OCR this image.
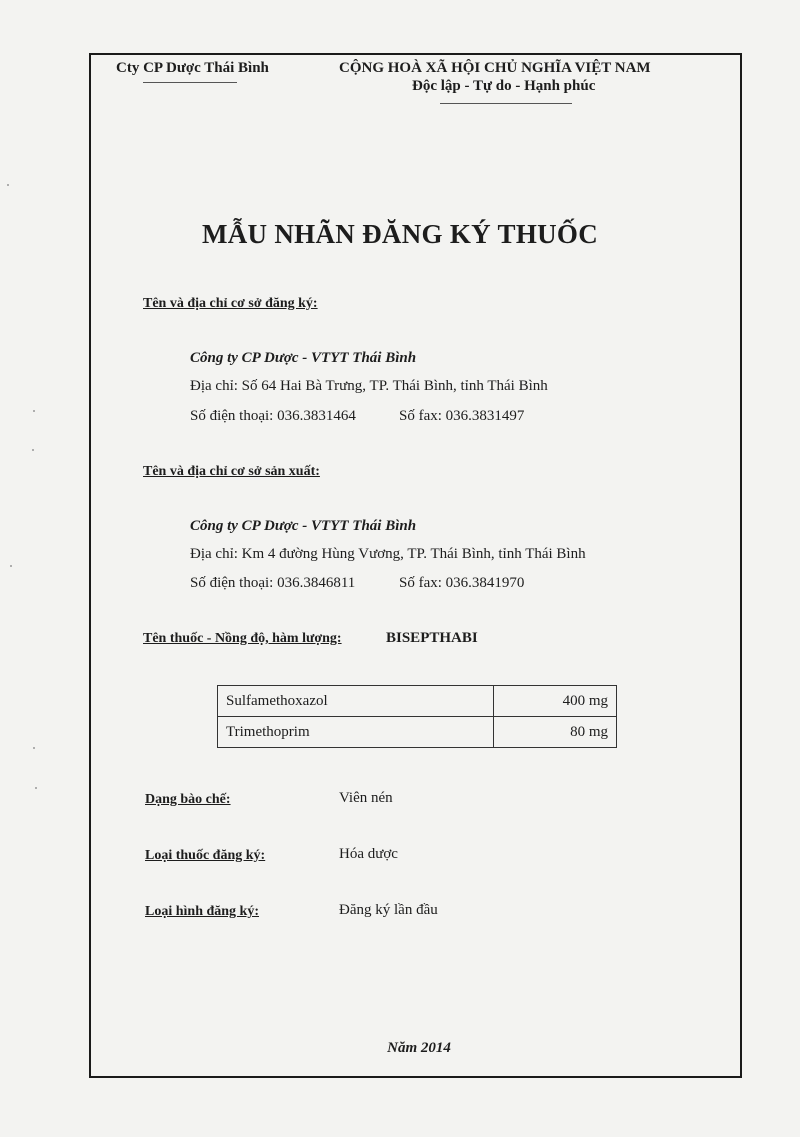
Cty CP Dược Thái Bình	CỘNG HOÀ XÃ HỘI CHỦ NGHĨA VIỆT NAM
Độc lập - Tự do - Hạnh phúc
MẪU NHÃN ĐĂNG KÝ THUỐC
Tên và địa chỉ cơ sở đăng ký:
Công ty CP Dược - VTYT Thái Bình
Địa chỉ: Số 64 Hai Bà Trưng, TP. Thái Bình, tỉnh Thái Bình
Số điện thoại: 036.3831464	Số fax: 036.3831497
Tên và địa chỉ cơ sở sản xuất:
Công ty CP Dược - VTYT Thái Bình
Địa chỉ: Km 4 đường Hùng Vương, TP. Thái Bình, tỉnh Thái Bình
Số điện thoại: 036.3846811	Số fax: 036.3841970
Tên thuốc - Nồng độ, hàm lượng:	BISEPTHABI
Sulfamethoxazol	400 mg
Trimethoprim	80 mg
Dạng bào chế:	Viên nén
Loại thuốc đăng ký:	Hóa dược
Loại hình đăng ký:	Đăng ký lần đầu
Năm 2014
